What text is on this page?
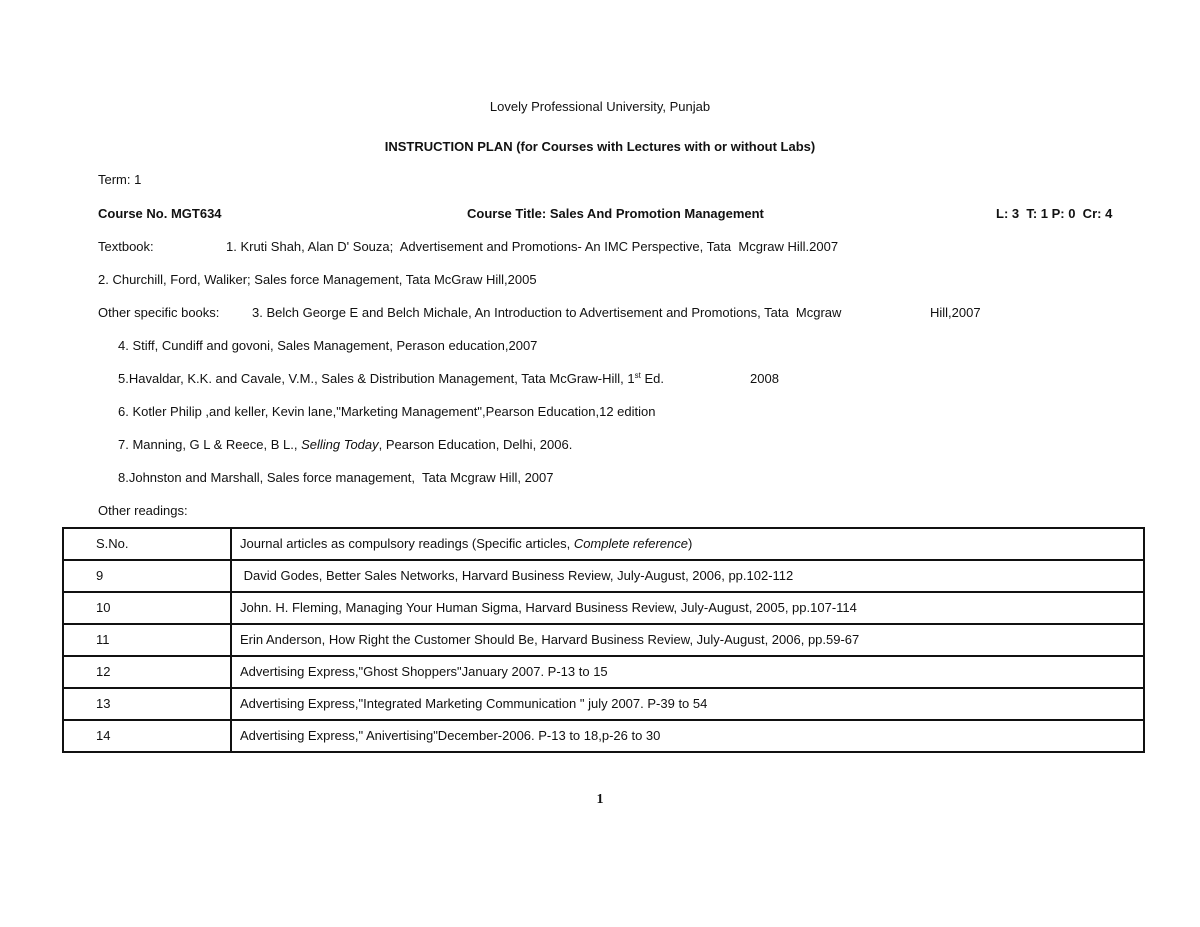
Lovely Professional University, Punjab
INSTRUCTION PLAN (for Courses with Lectures with or without Labs)
Term: 1
Course No. MGT634	Course Title: Sales And Promotion Management	L: 3  T: 1 P: 0  Cr: 4
Textbook:	1. Kruti Shah, Alan D' Souza;  Advertisement and Promotions- An IMC Perspective, Tata  Mcgraw Hill.2007
2. Churchill, Ford, Waliker; Sales force Management, Tata McGraw Hill,2005
Other specific books:	3. Belch George E and Belch Michale, An Introduction to Advertisement and Promotions, Tata  Mcgraw	Hill,2007
4. Stiff, Cundiff and govoni, Sales Management, Perason education,2007
5.Havaldar, K.K. and Cavale, V.M., Sales & Distribution Management, Tata McGraw-Hill, 1st Ed.	2008
6. Kotler Philip ,and keller, Kevin lane,"Marketing Management",Pearson Education,12 edition
7. Manning, G L & Reece, B L., Selling Today, Pearson Education, Delhi, 2006.
8.Johnston and Marshall, Sales force management,  Tata Mcgraw Hill, 2007
Other readings:
S.No.	Journal articles as compulsory readings (Specific articles, Complete reference)
9	David Godes, Better Sales Networks, Harvard Business Review, July-August, 2006, pp.102-112
10	John. H. Fleming, Managing Your Human Sigma, Harvard Business Review, July-August, 2005, pp.107-114
11	Erin Anderson, How Right the Customer Should Be, Harvard Business Review, July-August, 2006, pp.59-67
12	Advertising Express,"Ghost Shoppers"January 2007. P-13 to 15
13	Advertising Express,"Integrated Marketing Communication " july 2007. P-39 to 54
14	Advertising Express," Anivertising"December-2006. P-13 to 18,p-26 to 30
1
